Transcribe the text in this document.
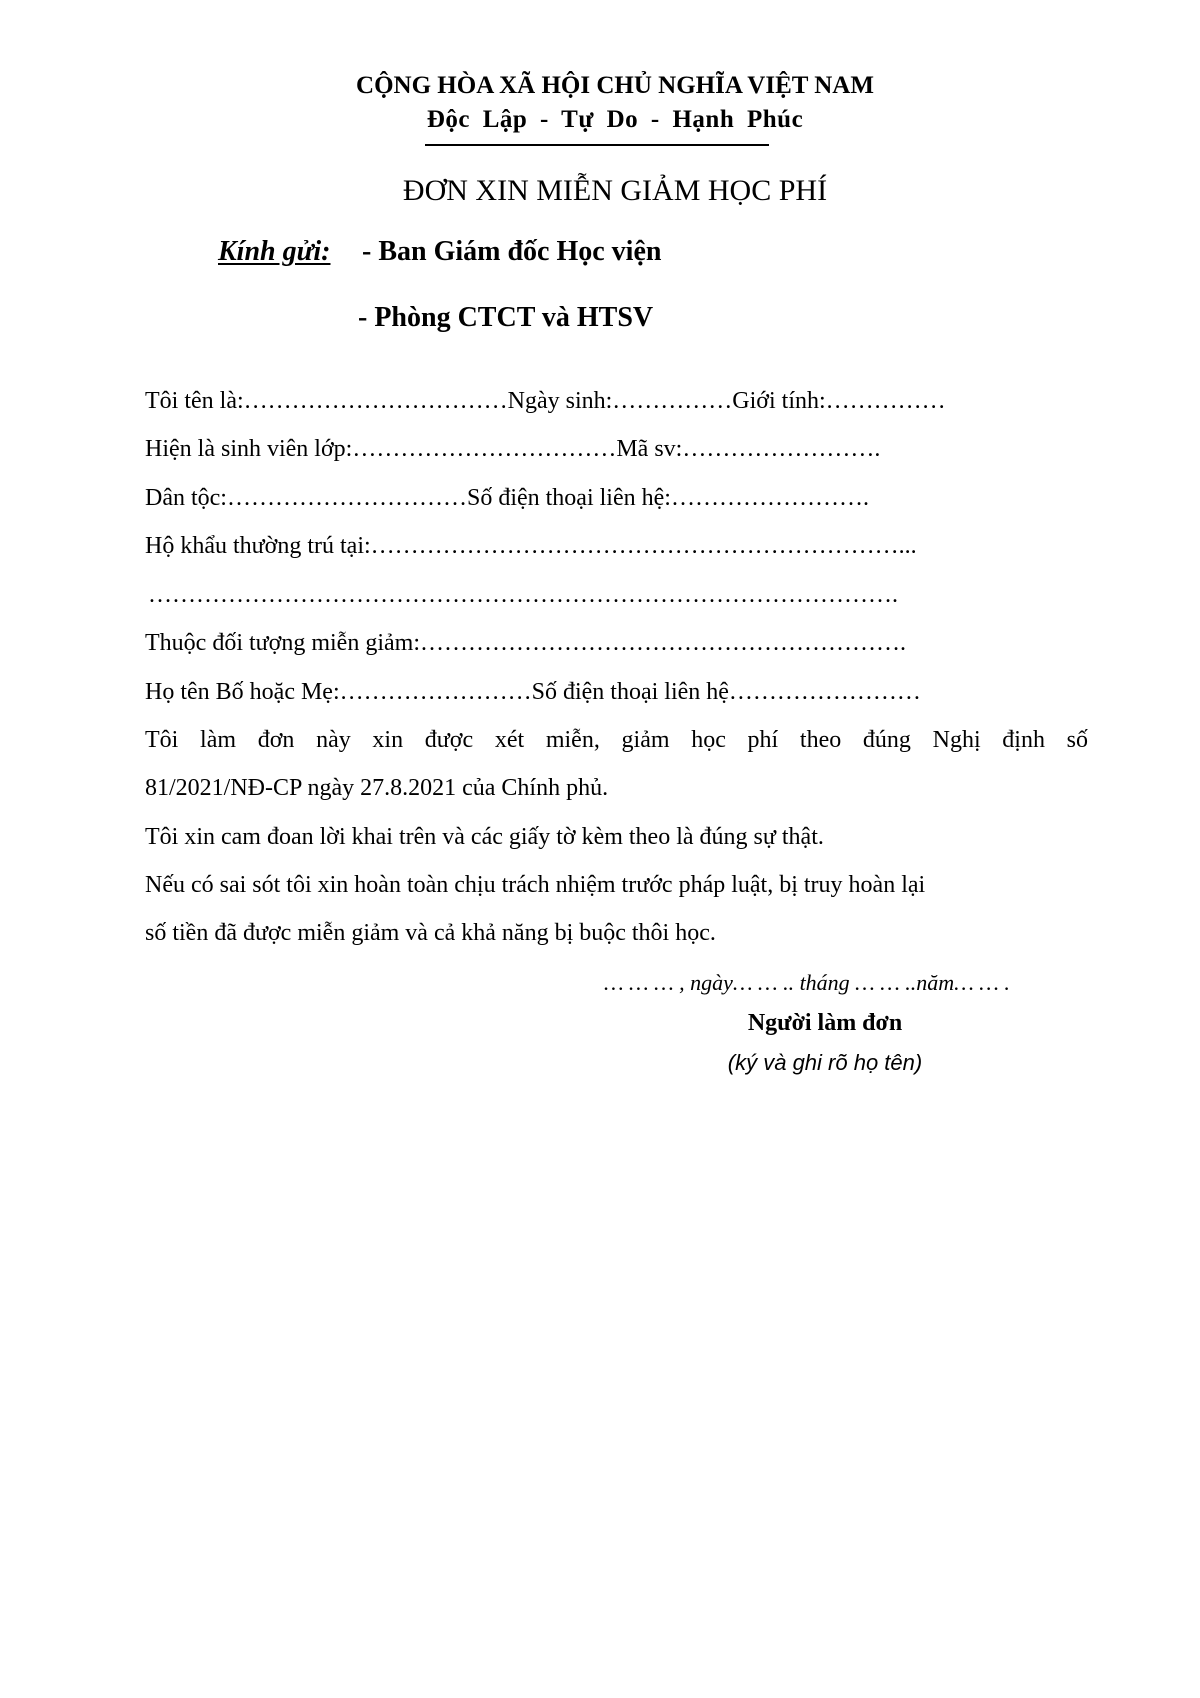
CỘNG HÒA XÃ HỘI CHỦ NGHĨA VIỆT NAM
Độc Lập - Tự Do - Hạnh Phúc
ĐƠN XIN MIỄN GIẢM HỌC PHÍ
Kính gửi: - Ban Giám đốc Học viện
- Phòng CTCT và HTSV
Tôi tên là:……………………………Ngày sinh:……………Giới tính:……………
Hiện là sinh viên lớp:……………………………Mã sv:…………………….
Dân tộc:…………………………Số điện thoại liên hệ:…………………….
Hộ khẩu thường trú tại:…………………………………………………………...
………………………………………………………………………………….
Thuộc đối tượng miễn giảm:…………………………………………………….
Họ tên Bố hoặc Mẹ:……………………Số điện thoại liên hệ……………………
Tôi làm đơn này xin được xét miễn, giảm học phí theo đúng Nghị định số
81/2021/NĐ-CP ngày 27.8.2021 của Chính phủ.
Tôi xin cam đoan lời khai trên và các giấy tờ kèm theo là đúng sự thật.
Nếu có sai sót tôi xin hoàn toàn chịu trách nhiệm trước pháp luật, bị truy hoàn lại
số tiền đã được miễn giảm và cả khả năng bị buộc thôi học.
… … … , ngày… … .. tháng … … ..năm… … .
Người làm đơn
(ký và ghi rõ họ tên)
